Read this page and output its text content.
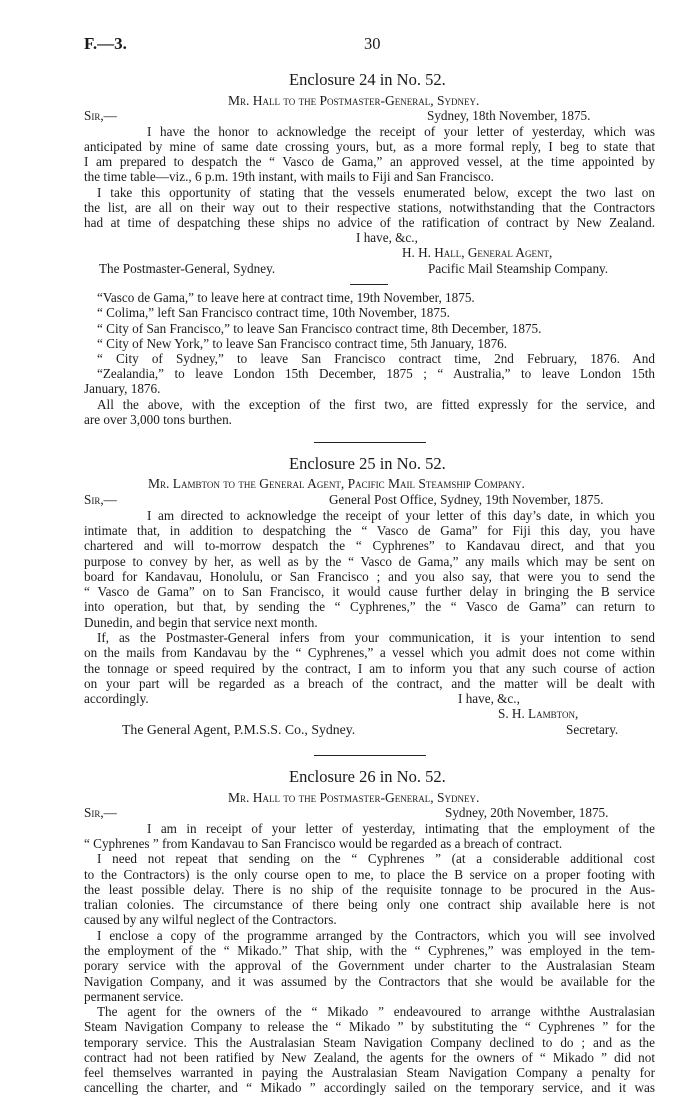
F.—3.	30
Enclosure 24 in No. 52.
Mr. Hall to the Postmaster-General, Sydney.
Sir,—	Sydney, 18th November, 1875.
I have the honor to acknowledge the receipt of your letter of yesterday, which was
anticipated by mine of same date crossing yours, but, as a more formal reply, I beg to state that
I am prepared to despatch the “ Vasco de Gama,” an approved vessel, at the time appointed by
the time table—viz., 6 p.m. 19th instant, with mails to Fiji and San Francisco.
I take this opportunity of stating that the vessels enumerated below, except the two last on
the list, are all on their way out to their respective stations, notwithstanding that the Contractors
had at time of despatching these ships no advice of the ratification of contract by New Zealand.
I have, &c.,
H. H. Hall, General Agent,
The Postmaster-General, Sydney.	Pacific Mail Steamship Company.
“Vasco de Gama,” to leave here at contract time, 19th November, 1875.
“ Colima,” left San Francisco contract time, 10th November, 1875.
“ City of San Francisco,” to leave San Francisco contract time, 8th December, 1875.
“ City of New York,” to leave San Francisco contract time, 5th January, 1876.
“ City of Sydney,” to leave San Francisco contract time, 2nd February, 1876. And
“Zealandia,” to leave London 15th December, 1875 ; “ Australia,” to leave London 15th
January, 1876.
All the above, with the exception of the first two, are fitted expressly for the service, and
are over 3,000 tons burthen.
Enclosure 25 in No. 52.
Mr. Lambton to the General Agent, Pacific Mail Steamship Company.
Sir,—	General Post Office, Sydney, 19th November, 1875.
I am directed to acknowledge the receipt of your letter of this day’s date, in which you
intimate that, in addition to despatching the “ Vasco de Gama” for Fiji this day, you have
chartered and will to-morrow despatch the “ Cyphrenes” to Kandavau direct, and that you
purpose to convey by her, as well as by the “ Vasco de Gama,” any mails which may be sent on
board for Kandavau, Honolulu, or San Francisco ; and you also say, that were you to send the
“ Vasco de Gama” on to San Francisco, it would cause further delay in bringing the B service
into operation, but that, by sending the “ Cyphrenes,” the “ Vasco de Gama” can return to
Dunedin, and begin that service next month.
If, as the Postmaster-General infers from your communication, it is your intention to send
on the mails from Kandavau by the “ Cyphrenes,” a vessel which you admit does not come within
the tonnage or speed required by the contract, I am to inform you that any such course of action
on your part will be regarded as a breach of the contract, and the matter will be dealt with
accordingly.	I have, &c.,
S. H. Lambton,
The General Agent, P.M.S.S. Co., Sydney.	Secretary.
Enclosure 26 in No. 52.
Mr. Hall to the Postmaster-General, Sydney.
Sir,—	Sydney, 20th November, 1875.
I am in receipt of your letter of yesterday, intimating that the employment of the
“ Cyphrenes ” from Kandavau to San Francisco would be regarded as a breach of contract.
I need not repeat that sending on the “ Cyphrenes ” (at a considerable additional cost
to the Contractors) is the only course open to me, to place the B service on a proper footing with
the least possible delay. There is no ship of the requisite tonnage to be procured in the Aus-
tralian colonies. The circumstance of there being only one contract ship available here is not
caused by any wilful neglect of the Contractors.
I enclose a copy of the programme arranged by the Contractors, which you will see involved
the employment of the “ Mikado.” That ship, with the “ Cyphrenes,” was employed in the tem-
porary service with the approval of the Government under charter to the Australasian Steam
Navigation Company, and it was assumed by the Contractors that she would be available for the
permanent service.
The agent for the owners of the “ Mikado ” endeavoured to arrange withthe Australasian
Steam Navigation Company to release the “ Mikado ” by substituting the “ Cyphrenes ” for the
temporary service. This the Australasian Steam Navigation Company declined to do ; and as the
contract had not been ratified by New Zealand, the agents for the owners of “ Mikado ” did not
feel themselves warranted in paying the Australasian Steam Navigation Company a penalty for
cancelling the charter, and “ Mikado ” accordingly sailed on the temporary service, and it was
